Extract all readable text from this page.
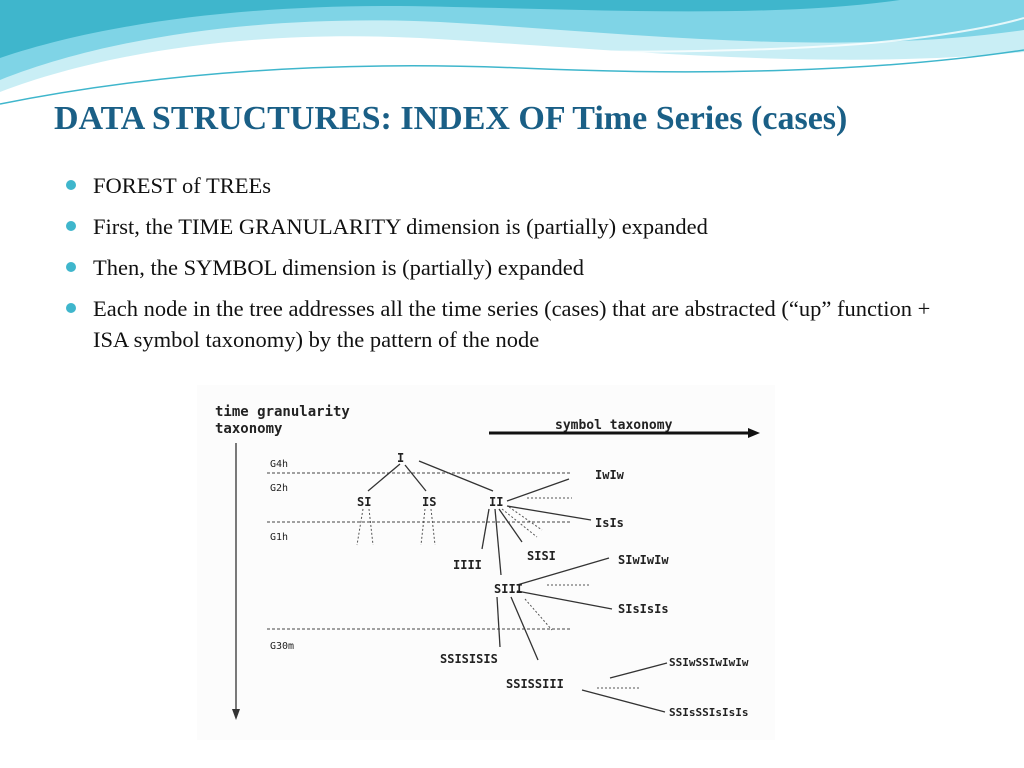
DATA STRUCTURES: INDEX OF Time Series (cases)
FOREST of TREEs
First, the TIME GRANULARITY dimension is (partially) expanded
Then, the SYMBOL dimension is (partially) expanded
Each node in the tree addresses all the time series (cases) that are abstracted (“up” function + ISA symbol taxonomy) by the pattern of the node
time granularity
taxonomy	symbol taxonomy
G4h
G2h
G1h
G30m
I
SI	IS	II
IwIw
IsIs
IIII
SISI
SIII
SIwIwIw
SIsIsIs
SSISISIS
SSISSIII
SSIwSSIwIwIw
SSIsSSIsIsIs
